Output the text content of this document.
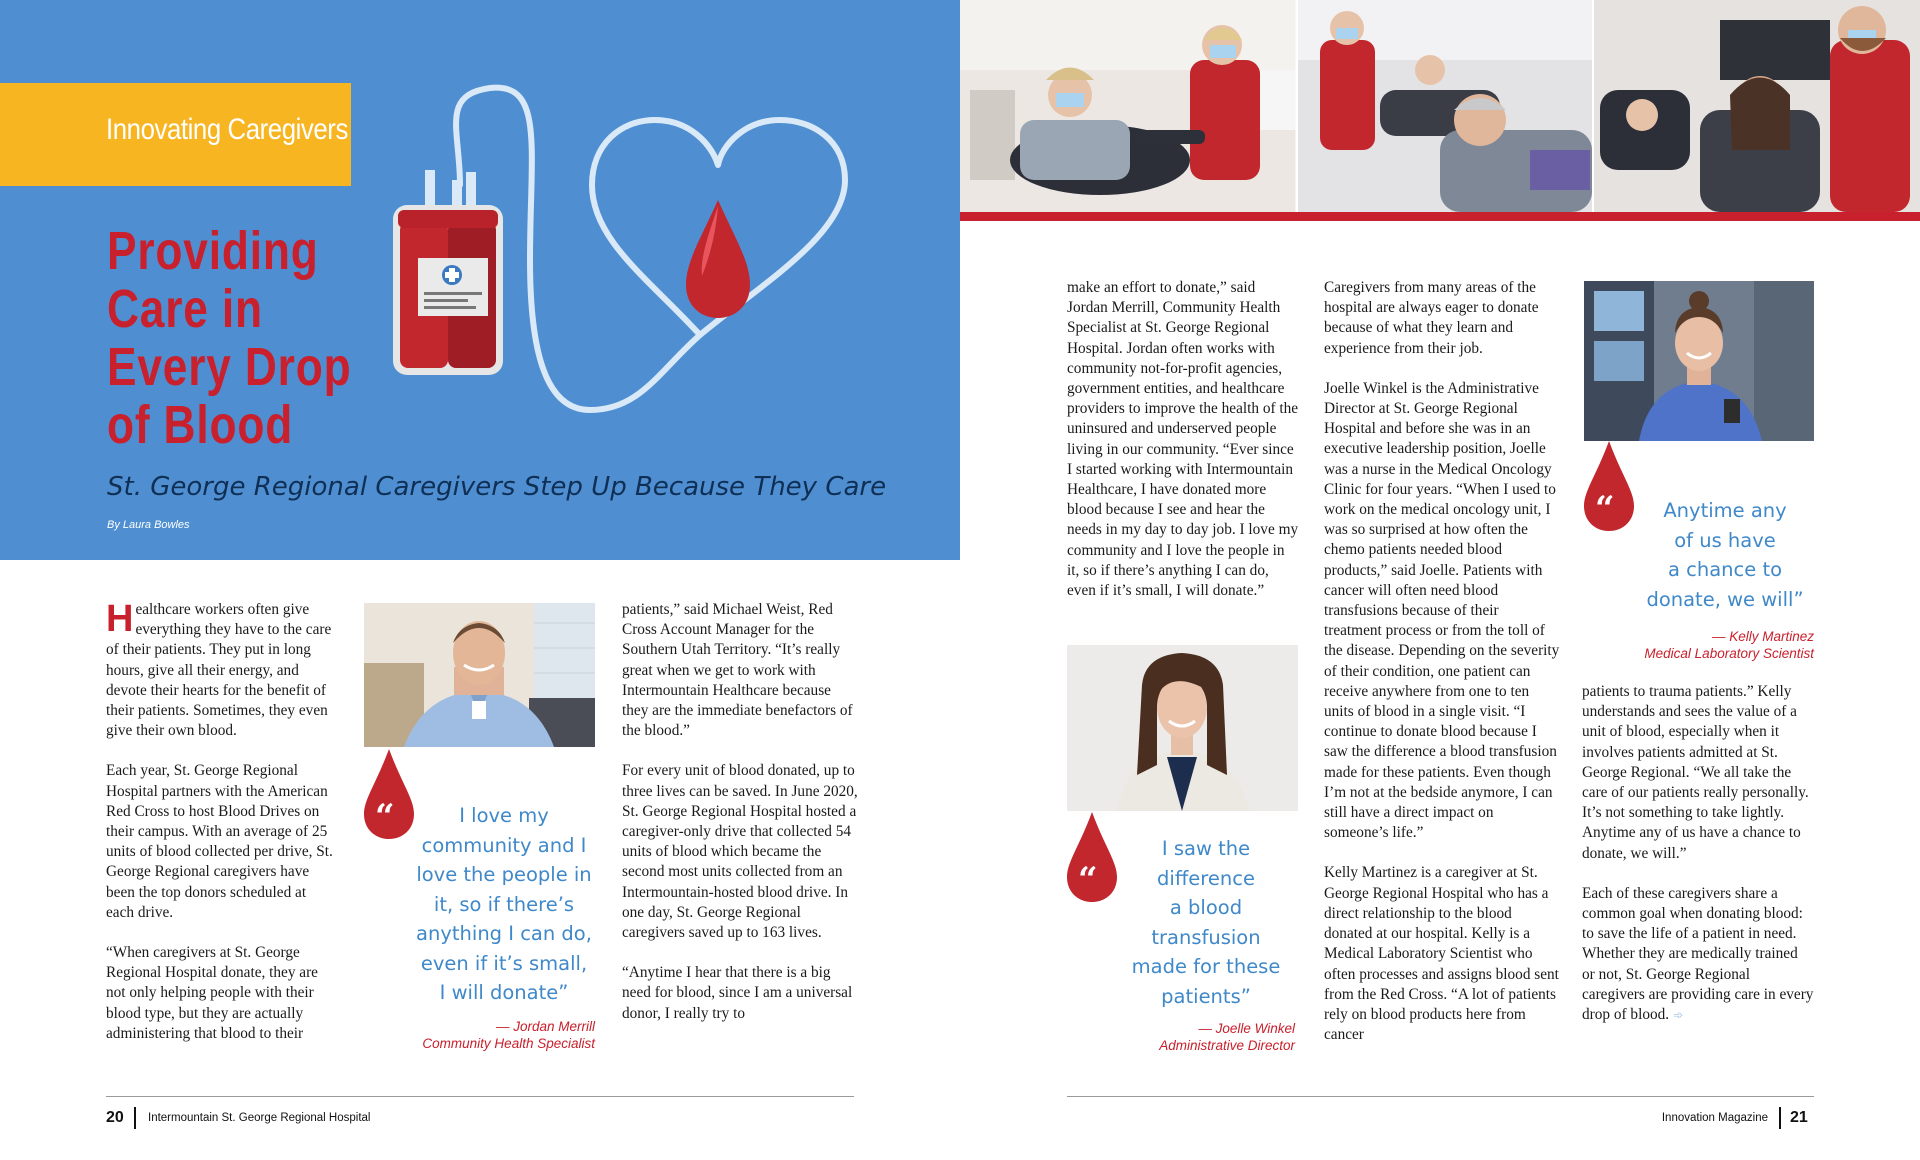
Innovating Caregivers
Providing
Care in
Every Drop
of Blood
St. George Regional Caregivers Step Up Because They Care
By Laura Bowles

Healthcare workers often give everything they have to the care of their patients. They put in long hours, give all their energy, and devote their hearts for the benefit of their patients. Sometimes, they even give their own blood.

Each year, St. George Regional Hospital partners with the American Red Cross to host Blood Drives on their campus. With an average of 25 units of blood collected per drive, St. George Regional caregivers have been the top donors scheduled at each drive.

“When caregivers at St. George Regional Hospital donate, they are not only helping people with their blood type, but they are actually administering that blood to their

“	I love my
community and I
love the people in
it, so if there’s
anything I can do,
even if it’s small,
I will donate”
— Jordan Merrill
Community Health Specialist

patients,” said Michael Weist, Red Cross Account Manager for the Southern Utah Territory. “It’s really great when we get to work with Intermountain Healthcare because they are the immediate benefactors of the blood.”

For every unit of blood donated, up to three lives can be saved. In June 2020, St. George Regional Hospital hosted a caregiver-only drive that collected 54 units of blood which became the second most units collected from an Intermountain-hosted blood drive. In one day, St. George Regional caregivers saved up to 163 lives.

“Anytime I hear that there is a big need for blood, since I am a universal donor, I really try to

make an effort to donate,” said Jordan Merrill, Community Health Specialist at St. George Regional Hospital. Jordan often works with community not-for-profit agencies, government entities, and healthcare providers to improve the health of the uninsured and underserved people living in our community. “Ever since I started working with Intermountain Healthcare, I have donated more blood because I see and hear the needs in my day to day job. I love my community and I love the people in it, so if there’s anything I can do, even if it’s small, I will donate.”

“
I saw the
difference
a blood
transfusion
made for these
patients”
— Joelle Winkel
Administrative Director

Caregivers from many areas of the hospital are always eager to donate because of what they learn and experience from their job.

Joelle Winkel is the Administrative Director at St. George Regional Hospital and before she was in an executive leadership position, Joelle was a nurse in the Medical Oncology Clinic for four years. “When I used to work on the medical oncology unit, I was so surprised at how often the chemo patients needed blood products,” said Joelle. Patients with cancer will often need blood transfusions because of their treatment process or from the toll of the disease. Depending on the severity of their condition, one patient can receive anywhere from one to ten units of blood in a single visit. “I continue to donate blood because I saw the difference a blood transfusion made for these patients. Even though I’m not at the bedside anymore, I can still have a direct impact on someone’s life.”

Kelly Martinez is a caregiver at St. George Regional Hospital who has a direct relationship to the blood donated at our hospital. Kelly is a Medical Laboratory Scientist who often processes and assigns blood sent from the Red Cross. “A lot of patients rely on blood products here from cancer

“	Anytime any
of us have
a chance to
donate, we will”
— Kelly Martinez
Medical Laboratory Scientist

patients to trauma patients.” Kelly understands and sees the value of a unit of blood, especially when it involves patients admitted at St. George Regional. “We all take the care of our patients really personally. It’s not something to take lightly. Anytime any of us have a chance to donate, we will.”

Each of these caregivers share a common goal when donating blood: to save the life of a patient in need. Whether they are medically trained or not, St. George Regional caregivers are providing care in every drop of blood. ➾

20 Intermountain St. George Regional Hospital	Innovation Magazine 21
